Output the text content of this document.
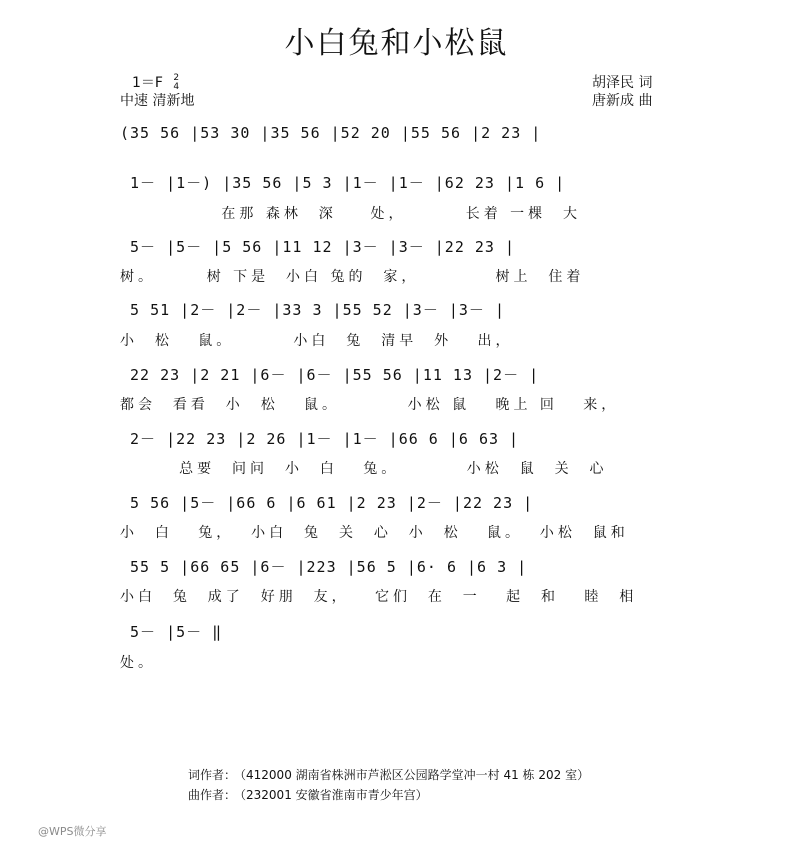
小白兔和小松鼠
1＝F 2
4
中速 清新地
胡泽民 词
唐新成 曲
(35 56 |53 30 |35 56 |52 20 |55 56 |2 23 |
1－ |1－) |35 56 |5 3 |1－ |1－ |62 23 |1 6 |
在那 森林  深    处，       长着 一棵  大
5－ |5－ |5 56 |11 12 |3－ |3－ |22 23 |
树。      树 下是  小白 兔的  家，         树上  住着
5 51 |2－ |2－ |33 3 |55 52 |3－ |3－ |
小  松   鼠。       小白  兔  清早  外   出，
22 23 |2 21 |6－ |6－ |55 56 |11 13 |2－ |
都会  看看  小  松   鼠。        小松 鼠   晚上 回   来，
2－ |22 23 |2 26 |1－ |1－ |66 6 |6 63 |
总要  问问  小  白   兔。        小松  鼠  关  心
5 56 |5－ |66 6 |6 61 |2 23 |2－ |22 23 |
小  白   兔，  小白  兔  关  心  小  松   鼠。  小松  鼠和
55 5 |66 65 |6－ |223 |56 5 |6· 6 |6 3 |
小白  兔  成了  好朋  友，   它们  在  一   起  和   睦  相
5－ |5－ ‖
处。
词作者： （412000 湖南省株洲市芦淞区公园路学堂冲一村 41 栋 202 室）
曲作者： （232001 安徽省淮南市青少年宫）
@WPS微分享
